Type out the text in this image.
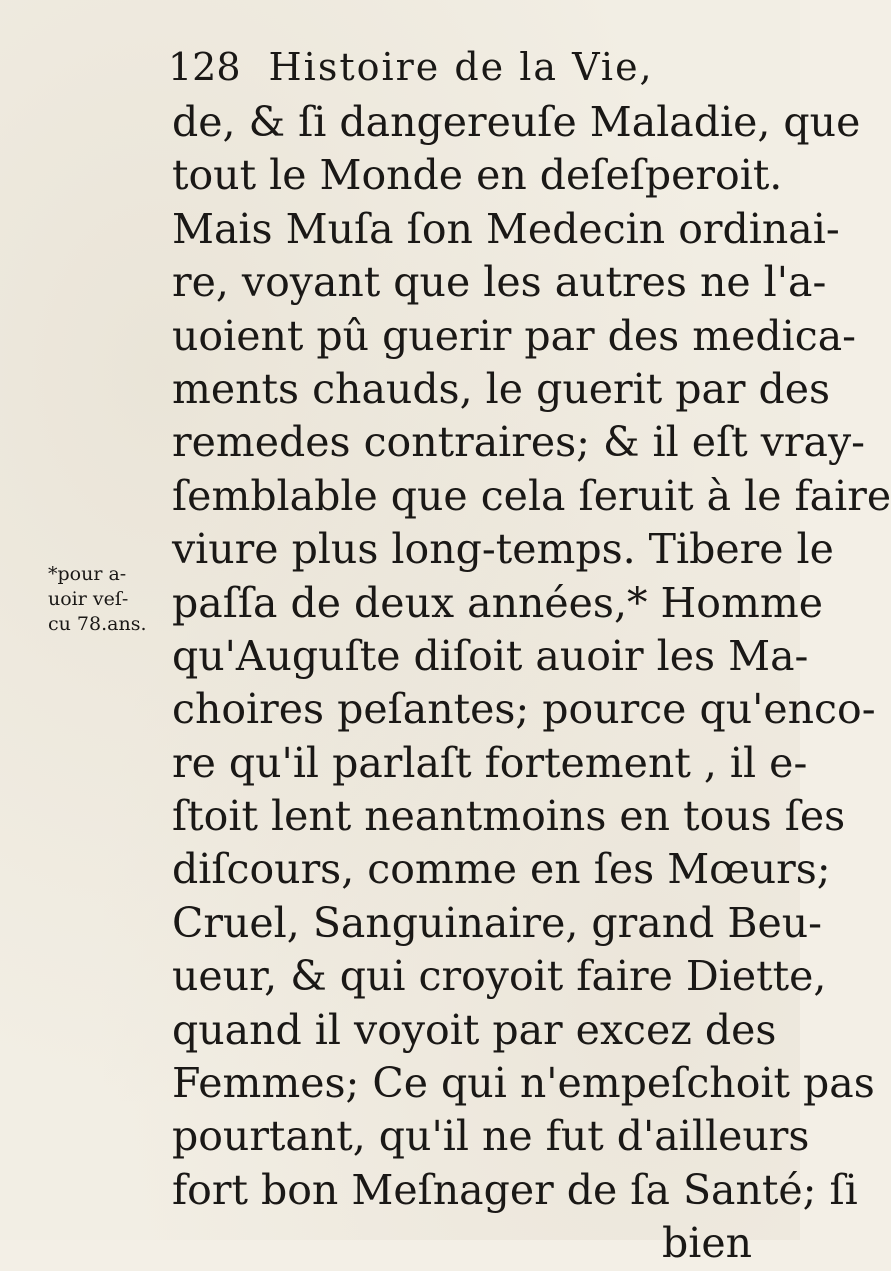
128 Histoire de la Vie,
*pour a-
uoir veſ-
cu 78.ans.
de, & ſi dangereuſe Maladie, que
tout le Monde en deſeſperoit.
Mais Muſa ſon Medecin ordinai-
re, voyant que les autres ne l'a-
uoient pû guerir par des medica-
ments chauds, le guerit par des
remedes contraires; & il eſt vray-
ſemblable que cela ſeruit à le faire
viure plus long-temps. Tibere le
paſſa de deux années,* Homme
qu'Auguſte diſoit auoir les Ma-
choires peſantes; pource qu'enco-
re qu'il parlaſt fortement , il e-
ſtoit lent neantmoins en tous ſes
diſcours, comme en ſes Mœurs;
Cruel, Sanguinaire, grand Beu-
ueur, & qui croyoit faire Diette,
quand il voyoit par excez des
Femmes; Ce qui n'empeſchoit pas
pourtant, qu'il ne fut d'ailleurs
fort bon Meſnager de ſa Santé; ſi
bien
